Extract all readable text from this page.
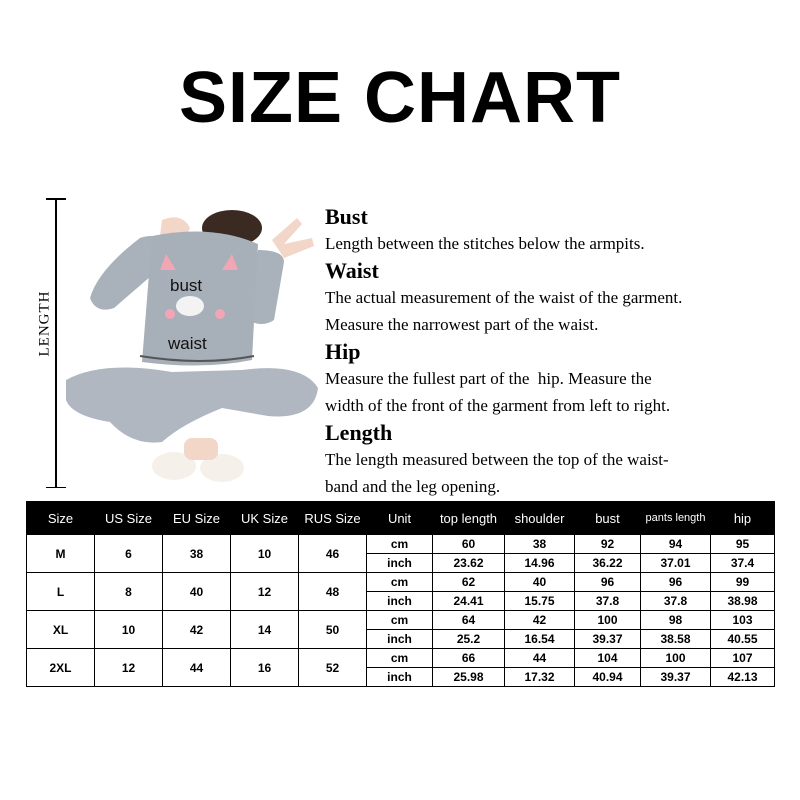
SIZE CHART
LENGTH
bust
waist
Bust

Length between the stitches below the armpits.

Waist

The actual measurement of the waist of the garment.

Measure the narrowest part of the waist.

Hip

Measure the fullest part of the  hip. Measure the

width of the front of the garment from left to right.

Length

The length measured between the top of the waist-

band and the leg opening.

Size	US Size	EU Size	UK Size	RUS Size	Unit	top length	shoulder	bust	pants length	hip
M	6	38	10	46	cm	60	38	92	94	95
					inch	23.62	14.96	36.22	37.01	37.4
L	8	40	12	48	cm	62	40	96	96	99
					inch	24.41	15.75	37.8	37.8	38.98
XL	10	42	14	50	cm	64	42	100	98	103
					inch	25.2	16.54	39.37	38.58	40.55
2XL	12	44	16	52	cm	66	44	104	100	107
					inch	25.98	17.32	40.94	39.37	42.13
